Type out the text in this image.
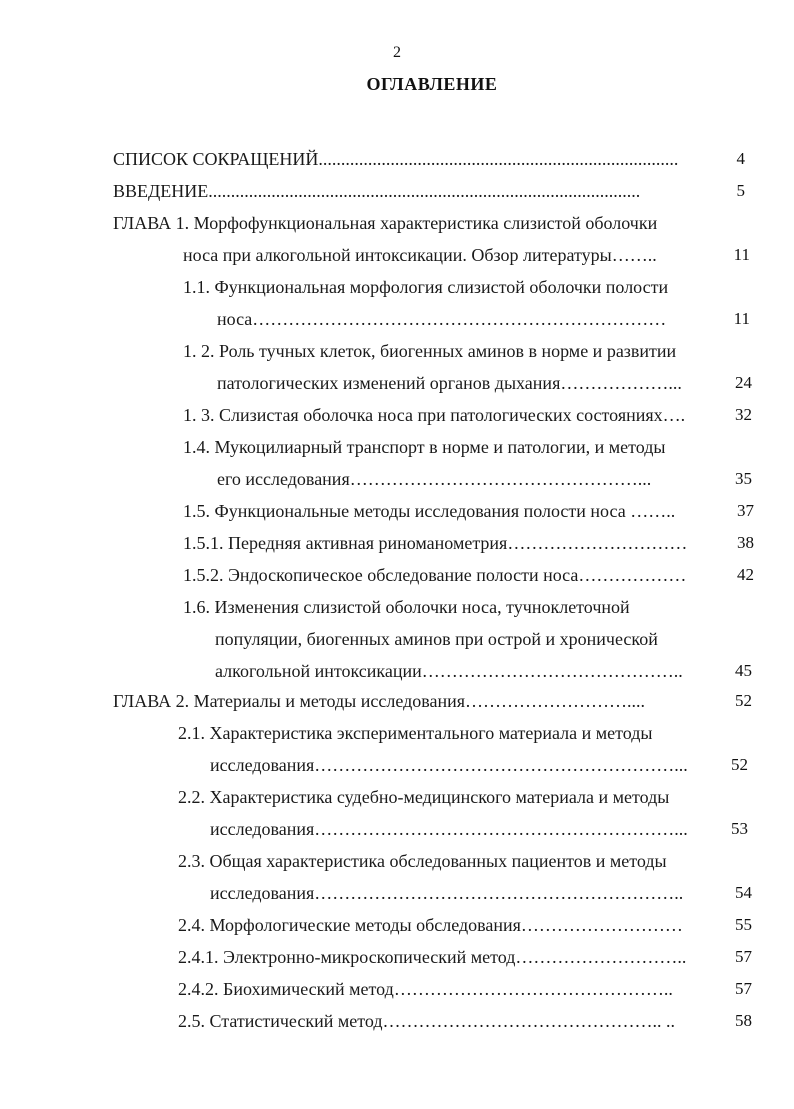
2
ОГЛАВЛЕНИЕ
СПИСОК СОКРАЩЕНИЙ................................................................................	4
ВВЕДЕНИЕ................................................................................................	5
ГЛАВА 1. Морфофункциональная характеристика слизистой оболочки
носа при алкогольной интоксикации. Обзор литературы……..	11
1.1. Функциональная морфология слизистой оболочки полости
носа……………………………………………………………	11
1. 2. Роль тучных клеток, биогенных аминов в норме и развитии
патологических изменений органов дыхания………………...	24
1. 3. Слизистая оболочка носа при патологических состояниях….	32
1.4. Мукоцилиарный транспорт в норме и патологии, и методы
его исследования…………………………………………...	35
1.5. Функциональные методы исследования полости носа ……..	37
1.5.1. Передняя активная риноманометрия…………………………	38
1.5.2. Эндоскопическое обследование полости носа………………	42
1.6. Изменения слизистой оболочки носа, тучноклеточной
популяции, биогенных аминов при острой и хронической
алкогольной интоксикации……………………………………..	45
ГЛАВА 2. Материалы и методы исследования………………………....	52
2.1. Характеристика экспериментального материала и методы
исследования……………………………………………………...	52
2.2. Характеристика судебно-медицинского материала и методы
исследования……………………………………………………...	53
2.3. Общая характеристика обследованных пациентов и методы
исследования……………………………………………………..	54
2.4. Морфологические методы обследования………………………	55
2.4.1. Электронно-микроскопический метод………………………..	57
2.4.2. Биохимический метод………………………………………..	57
2.5. Статистический метод……………………………………….. ..	58
